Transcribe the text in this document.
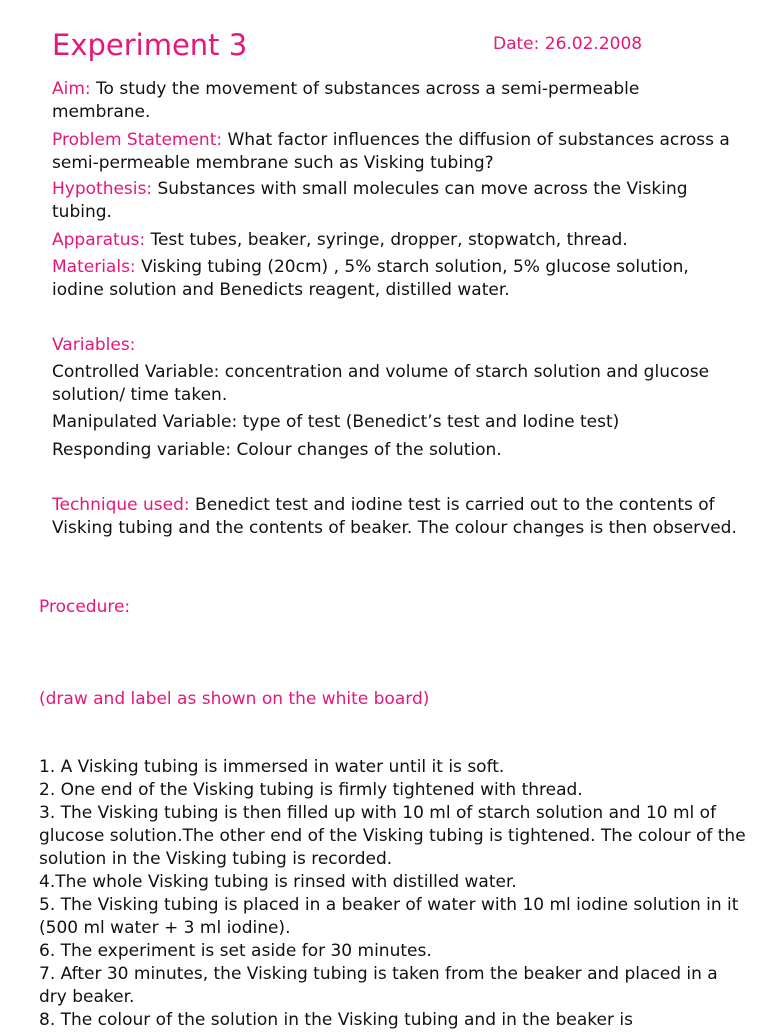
Experiment 3	Date: 26.02.2008
Aim: To study the movement of substances across a semi-permeable membrane.
Problem Statement: What factor influences the diffusion of substances across a semi-permeable membrane such as Visking tubing?
Hypothesis: Substances with small molecules can move across the Visking tubing.
Apparatus: Test tubes, beaker, syringe, dropper, stopwatch, thread.
Materials: Visking tubing (20cm) , 5% starch solution, 5% glucose solution, iodine solution and Benedicts reagent, distilled water.
Variables:
Controlled Variable: concentration and volume of starch solution and glucose solution/ time taken.
Manipulated Variable: type of test (Benedict’s test and Iodine test)
Responding variable: Colour changes of the solution.
Technique used: Benedict test and iodine test is carried out to the contents of Visking tubing and the contents of beaker. The colour changes is then observed.
Procedure:
(draw and label as shown on the white board)
1. A Visking tubing is immersed in water until it is soft.
2. One end of the Visking tubing is firmly tightened with thread.
3. The Visking tubing is then filled up with 10 ml of starch solution and 10 ml of glucose solution.The other end of the Visking tubing is tightened. The colour of the solution in the Visking tubing is recorded.
4.The whole Visking tubing is rinsed with distilled water.
5. The Visking tubing is placed in a beaker of water with 10 ml iodine solution in it (500 ml water + 3 ml iodine).
6. The experiment is set aside for 30 minutes.
7. After 30 minutes, the Visking tubing is taken from the beaker and placed in a dry beaker.
8. The colour of the solution in the Visking tubing and in the beaker is
